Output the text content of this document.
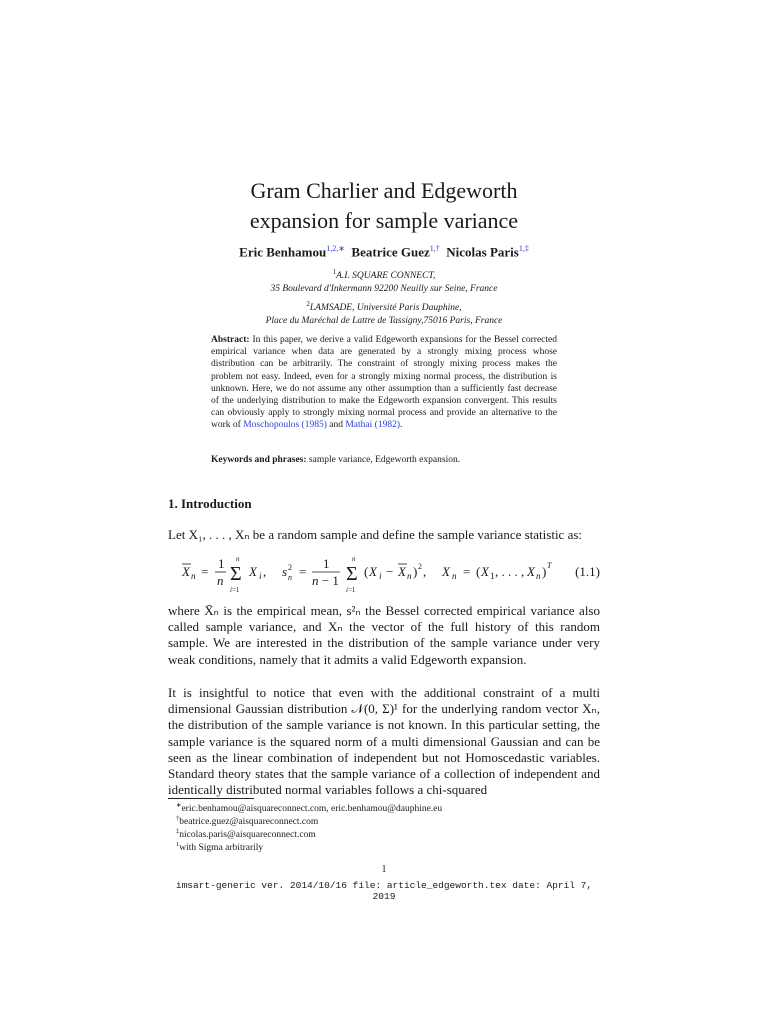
Gram Charlier and Edgeworth
expansion for sample variance
Eric Benhamou$^{1,2,∗}$ Beatrice Guez$^{1,\dagger}$ Nicolas Paris$^{1,\ddagger}$
$^1$A.I. SQUARE CONNECT,
35 Boulevard d'Inkermann 92200 Neuilly sur Seine, France
$^2$LAMSADE, Université Paris Dauphine,
Place du Maréchal de Lattre de Tassigny,75016 Paris, France
Abstract: In this paper, we derive a valid Edgeworth expansions for the Bessel corrected empirical variance when data are generated by a strongly mixing process whose distribution can be arbitrarily. The constraint of strongly mixing process makes the problem not easy. Indeed, even for a strongly mixing normal process, the distribution is unknown. Here, we do not assume any other assumption than a sufficiently fast decrease of the underlying distribution to make the Edgeworth expansion convergent. This results can obviously apply to strongly mixing normal process and provide an alternative to the work of Moschopoulos (1985) and Mathai (1982).
Keywords and phrases: sample variance, Edgeworth expansion.
1. Introduction
Let X₁, . . . , Xₙ be a random sample and define the sample variance statistic as:
X n =
1
n
n
Σ
i=1
X i , s 2
n =
1
n − 1
n
Σ
i=1
( X i − X n ) 2 , X n = ( X 1 , . . . , X n ) T (1.1)
where X̄ₙ is the empirical mean, s²ₙ the Bessel corrected empirical variance also called sample variance, and Xₙ the vector of the full history of this random sample. We are interested in the distribution of the sample variance under very weak conditions, namely that it admits a valid Edgeworth expansion.
It is insightful to notice that even with the additional constraint of a multi dimensional Gaussian distribution 𝒩(0, Σ)¹ for the underlying random vector Xₙ, the distribution of the sample variance is not known. In this particular setting, the sample variance is the squared norm of a multi dimensional Gaussian and can be seen as the linear combination of independent but not Homoscedastic variables. Standard theory states that the sample variance of a collection of independent and identically distributed normal variables follows a chi-squared
∗eric.benhamou@aisquareconnect.com, eric.benhamou@dauphine.eu
†beatrice.guez@aisquareconnect.com
‡nicolas.paris@aisquareconnect.com
$^1$with Sigma arbitrarily
1
imsart-generic ver. 2014/10/16 file: article_edgeworth.tex date: April 7, 2019
